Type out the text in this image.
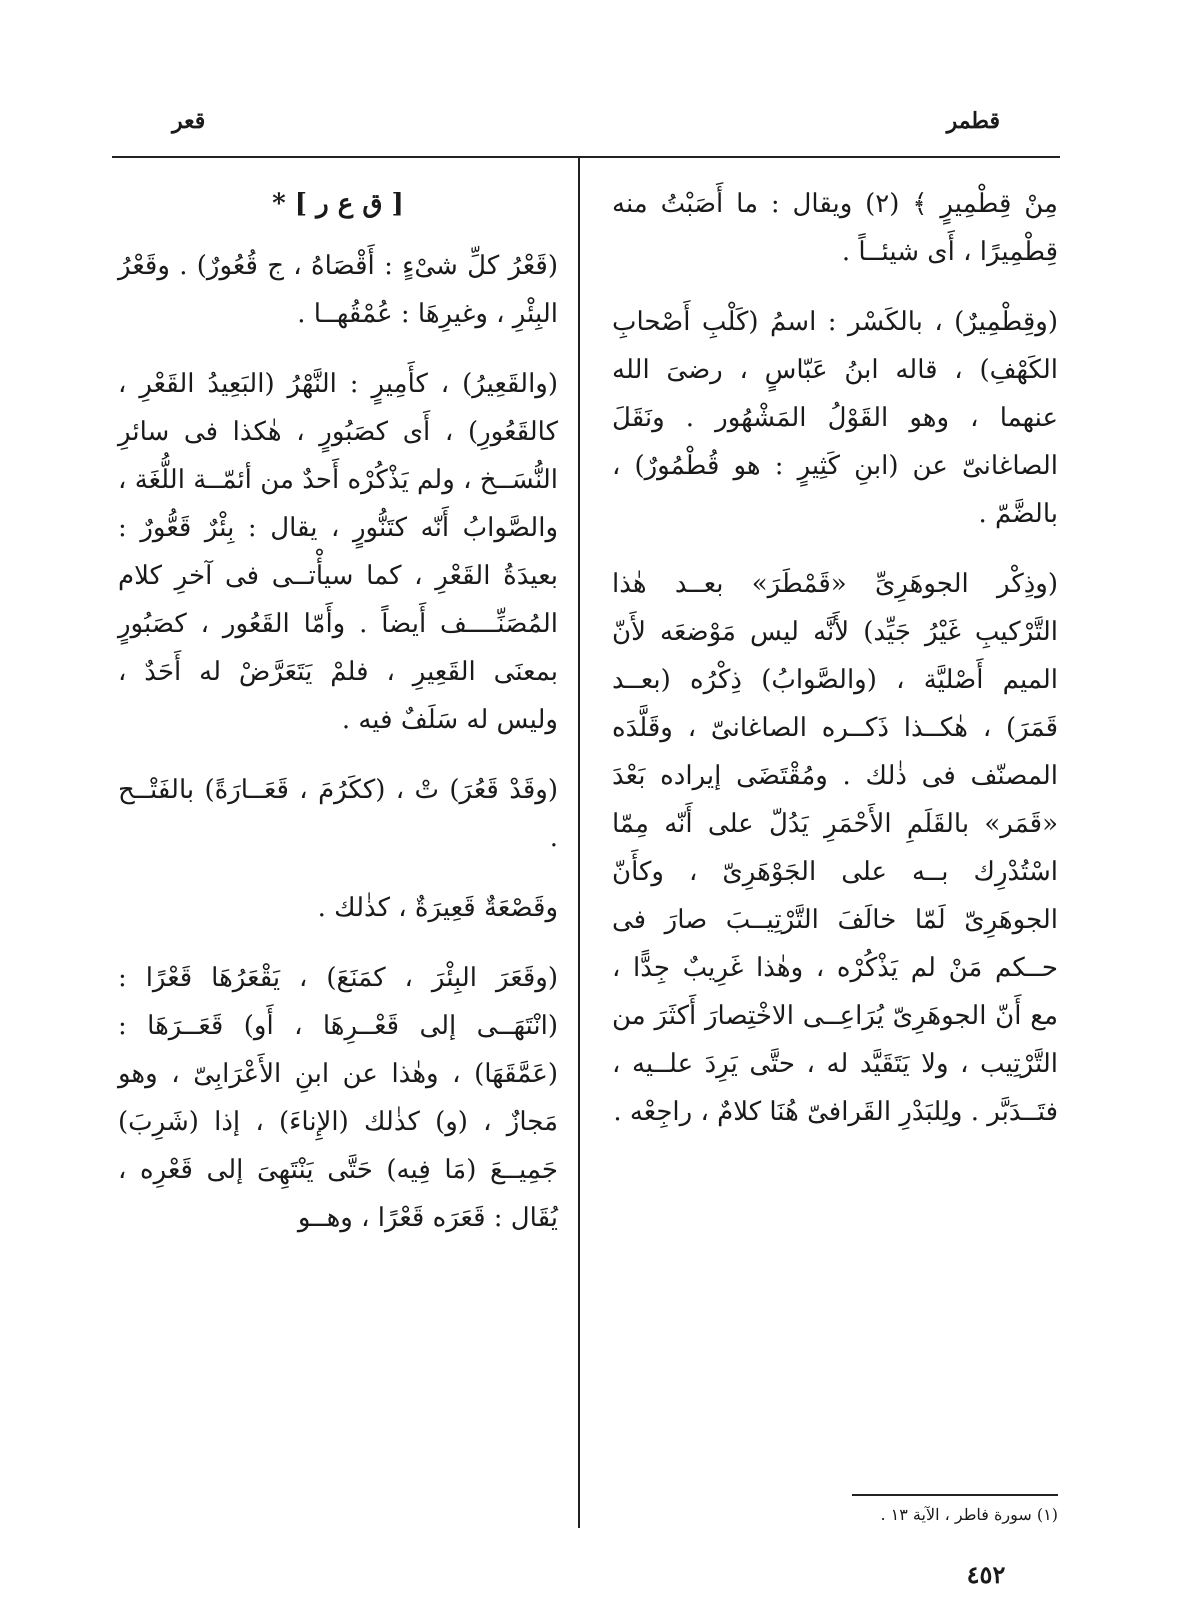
قطمر
قعر

مِنْ قِطْمِيرٍ ﴾ (٢) ويقال : ما أَصَبْتُ منه قِطْمِيرًا ، أَى شيئــاً .

(وقِطْمِيرٌ) ، بالكَسْر : اسمُ (كَلْبِ أَصْحابِ الكَهْفِ) ، قاله ابنُ عَبّاسٍ ، رضىَ الله عنهما ، وهو القَوْلُ المَشْهُور . ونَقَلَ الصاغانىّ عن (ابنِ كَثِيرٍ : هو قُطْمُورٌ) ، بالضَّمّ .

(وذِكْر الجوهَرِىِّ «قَمْطَرَ» بعــد هٰذا التَّرْكيبِ غَيْرُ جَيِّد) لأَنَّه ليس مَوْضعَه لأَنّ الميم أَصْليَّة ، (والصَّوابُ) ذِكْرُه (بعــد قَمَرَ) ، هٰكــذا ذَكــره الصاغانىّ ، وقَلَّدَه المصنّف فى ذٰلك . ومُقْتَضَى إيراده بَعْدَ «قَمَر» بالقَلَمِ الأَحْمَرِ يَدُلّ على أَنّه مِمّا اسْتُدْرِك بــه على الجَوْهَرِىّ ، وكأَنّ الجوهَرِىّ لَمّا خالَفَ التَّرْتِيــبَ صارَ فى حــكم مَنْ لم يَذْكُرْه ، وهٰذا غَرِيبٌ جِدًّا ، مع أَنّ الجوهَرِىّ يُرَاعِــى الاخْتِصارَ أَكثَرَ من التَّرْتِيب ، ولا يَتَقَيَّد له ، حتَّى يَرِدَ علــيه ، فتَــدَبَّر . ولِلبَدْرِ القَرافىّ هُنَا كلامٌ ، راجِعْه .

[ ق ع ر ] *

(قَعْرُ كلِّ شىْءٍ : أَقْصَاهُ ، ج قُعُورٌ) . وقَعْرُ البِئْرِ ، وغيرِهَا : عُمْقُهــا .

(والقَعِيرُ) ، كأَمِيرٍ : النَّهْرُ (البَعِيدُ القَعْرِ ، كالقَعُورِ) ، أَى كصَبُورٍ ، هٰكذا فى سائرِ النُّسَــخ ، ولم يَذْكُرْه أَحدٌ من أئمّــة اللُّغَة ، والصَّوابُ أَنّه كتَنُّورٍ ، يقال : بِئْرٌ قَعُّورٌ : بعيدَةُ القَعْرِ ، كما سيأْتــى فى آخرِ كلام المُصَنِّــــف أَيضاً . وأَمّا القَعُور ، كصَبُورٍ بمعنَى القَعِيرِ ، فلمْ يَتَعَرَّضْ له أَحَدٌ ، وليس له سَلَفٌ فيه .

(وقَدْ قَعُرَ) تْ ، (ككَرُمَ ، قَعَــارَةً) بالفَتْــح .

وقَصْعَةٌ قَعِيرَةٌ ، كذٰلك .

(وقَعَرَ البِئْرَ ، كمَنَعَ) ، يَقْعَرُهَا قَعْرًا : (انْتَهَــى إلى قَعْــرِهَا ، أَو) قَعَــرَهَا : (عَمَّقَهَا) ، وهٰذا عن ابنِ الأَعْرَابِىّ ، وهو مَجازٌ ، (و) كذٰلك (الإِناءَ) ، إذا (شَرِبَ) جَمِيــعَ (مَا فِيه) حَتَّى يَنْتَهِىَ إلى قَعْرِه ، يُقَال : قَعَرَه قَعْرًا ، وهــو

(١) سورة فاطر ، الآية ١٣ .
٤٥٢
